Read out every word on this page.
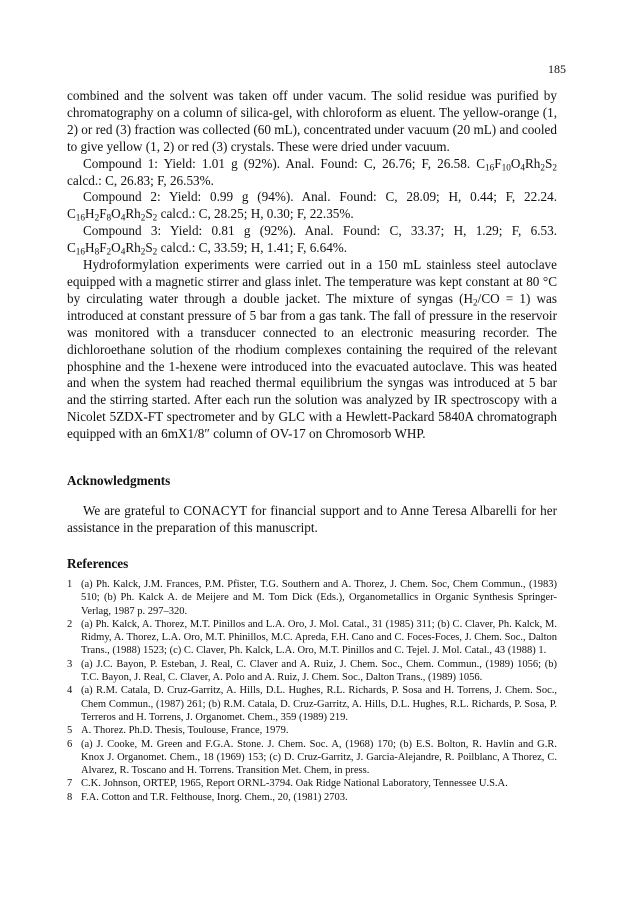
185

combined and the solvent was taken off under vacum. The solid residue was purified by chromatography on a column of silica-gel, with chloroform as eluent. The yellow-orange (1, 2) or red (3) fraction was collected (60 mL), concentrated under vacuum (20 mL) and cooled to give yellow (1, 2) or red (3) crystals. These were dried under vacuum.

Compound 1: Yield: 1.01 g (92%). Anal. Found: C, 26.76; F, 26.58. $C_{16}F_{10}O_4Rh_2S_2$ calcd.: C, 26.83; F, 26.53%.

Compound 2: Yield: 0.99 g (94%). Anal. Found: C, 28.09; H, 0.44; F, 22.24. $C_{16}H_2F_8O_4Rh_2S_2$ calcd.: C, 28.25; H, 0.30; F, 22.35%.

Compound 3: Yield: 0.81 g (92%). Anal. Found: C, 33.37; H, 1.29; F, 6.53. $C_{16}H_8F_2O_4Rh_2S_2$ calcd.: C, 33.59; H, 1.41; F, 6.64%.

Hydroformylation experiments were carried out in a 150 mL stainless steel autoclave equipped with a magnetic stirrer and glass inlet. The temperature was kept constant at 80 °C by circulating water through a double jacket. The mixture of syngas $(H_2/CO = 1)$ was introduced at constant pressure of 5 bar from a gas tank. The fall of pressure in the reservoir was monitored with a transducer connected to an electronic measuring recorder. The dichloroethane solution of the rhodium complexes containing the required of the relevant phosphine and the 1-hexene were introduced into the evacuated autoclave. This was heated and when the system had reached thermal equilibrium the syngas was introduced at 5 bar and the stirring started. After each run the solution was analyzed by IR spectroscopy with a Nicolet 5ZDX-FT spectrometer and by GLC with a Hewlett-Packard 5840A chromatograph equipped with an 6mX1/8″ column of OV-17 on Chromosorb WHP.

Acknowledgments

We are grateful to CONACYT for financial support and to Anne Teresa Albarelli for her assistance in the preparation of this manuscript.

References
1 (a) Ph. Kalck, J.M. Frances, P.M. Pfister, T.G. Southern and A. Thorez, J. Chem. Soc, Chem Commun., (1983) 510; (b) Ph. Kalck A. de Meijere and M. Tom Dick (Eds.), Organometallics in Organic Synthesis Springer-Verlag, 1987 p. 297–320.
2 (a) Ph. Kalck, A. Thorez, M.T. Pinillos and L.A. Oro, J. Mol. Catal., 31 (1985) 311; (b) C. Claver, Ph. Kalck, M. Ridmy, A. Thorez, L.A. Oro, M.T. Phinillos, M.C. Apreda, F.H. Cano and C. Foces-Foces, J. Chem. Soc., Dalton Trans., (1988) 1523; (c) C. Claver, Ph. Kalck, L.A. Oro, M.T. Pinillos and C. Tejel. J. Mol. Catal., 43 (1988) 1.
3 (a) J.C. Bayon, P. Esteban, J. Real, C. Claver and A. Ruiz, J. Chem. Soc., Chem. Commun., (1989) 1056; (b) T.C. Bayon, J. Real, C. Claver, A. Polo and A. Ruiz, J. Chem. Soc., Dalton Trans., (1989) 1056.
4 (a) R.M. Catala, D. Cruz-Garritz, A. Hills, D.L. Hughes, R.L. Richards, P. Sosa and H. Torrens, J. Chem. Soc., Chem Commun., (1987) 261; (b) R.M. Catala, D. Cruz-Garritz, A. Hills, D.L. Hughes, R.L. Richards, P. Sosa, P. Terreros and H. Torrens, J. Organomet. Chem., 359 (1989) 219.
5 A. Thorez. Ph.D. Thesis, Toulouse, France, 1979.
6 (a) J. Cooke, M. Green and F.G.A. Stone. J. Chem. Soc. A, (1968) 170; (b) E.S. Bolton, R. Havlin and G.R. Knox J. Organomet. Chem., 18 (1969) 153; (c) D. Cruz-Garritz, J. Garcia-Alejandre, R. Poilblanc, A Thorez, C. Alvarez, R. Toscano and H. Torrens. Transition Met. Chem, in press.
7 C.K. Johnson, ORTEP, 1965, Report ORNL-3794. Oak Ridge National Laboratory, Tennessee U.S.A.
8 F.A. Cotton and T.R. Felthouse, Inorg. Chem., 20, (1981) 2703.
